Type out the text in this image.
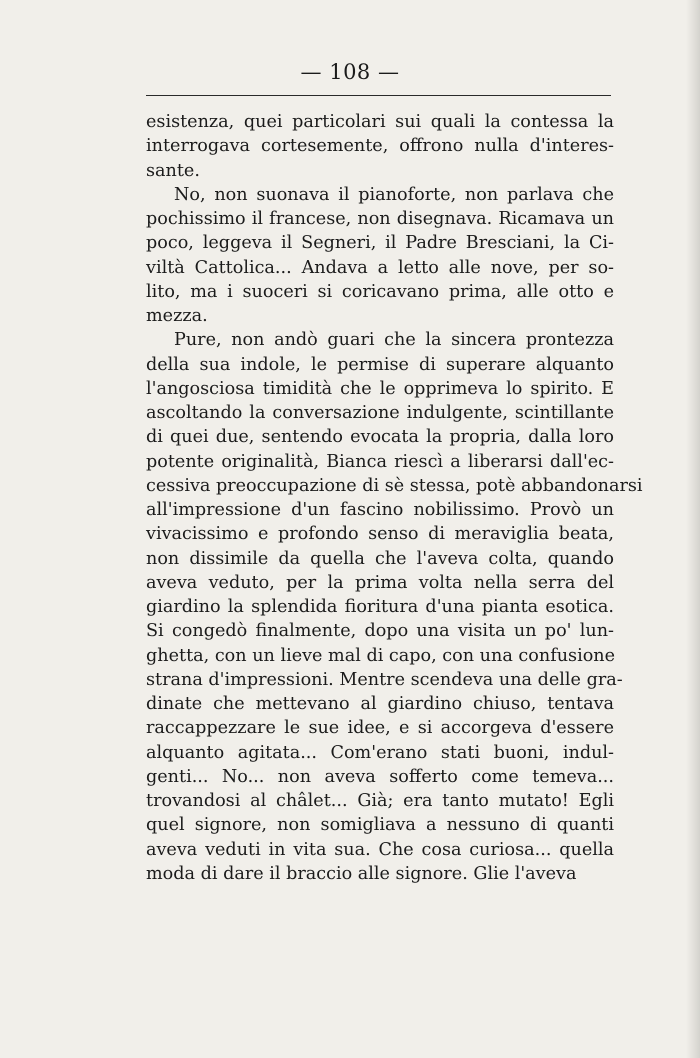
— 108 —

esistenza, quei particolari sui quali la contessa la
interrogava cortesemente, offrono nulla d'interes-
sante.

No, non suonava il pianoforte, non parlava che
pochissimo il francese, non disegnava. Ricamava un
poco, leggeva il Segneri, il Padre Bresciani, la Ci-
viltà Cattolica... Andava a letto alle nove, per so-
lito, ma i suoceri si coricavano prima, alle otto e
mezza.

Pure, non andò guari che la sincera prontezza
della sua indole, le permise di superare alquanto
l'angosciosa timidità che le opprimeva lo spirito. E
ascoltando la conversazione indulgente, scintillante
di quei due, sentendo evocata la propria, dalla loro
potente originalità, Bianca riescì a liberarsi dall'ec-
cessiva preoccupazione di sè stessa, potè abbandonarsi
all'impressione d'un fascino nobilissimo. Provò un
vivacissimo e profondo senso di meraviglia beata,
non dissimile da quella che l'aveva colta, quando
aveva veduto, per la prima volta nella serra del
giardino la splendida fioritura d'una pianta esotica.
Si congedò finalmente, dopo una visita un po' lun-
ghetta, con un lieve mal di capo, con una confusione
strana d'impressioni. Mentre scendeva una delle gra-
dinate che mettevano al giardino chiuso, tentava
raccappezzare le sue idee, e si accorgeva d'essere
alquanto agitata... Com'erano stati buoni, indul-
genti... No... non aveva sofferto come temeva...
trovandosi al châlet... Già; era tanto mutato! Egli
quel signore, non somigliava a nessuno di quanti
aveva veduti in vita sua. Che cosa curiosa... quella
moda di dare il braccio alle signore. Glie l'aveva
